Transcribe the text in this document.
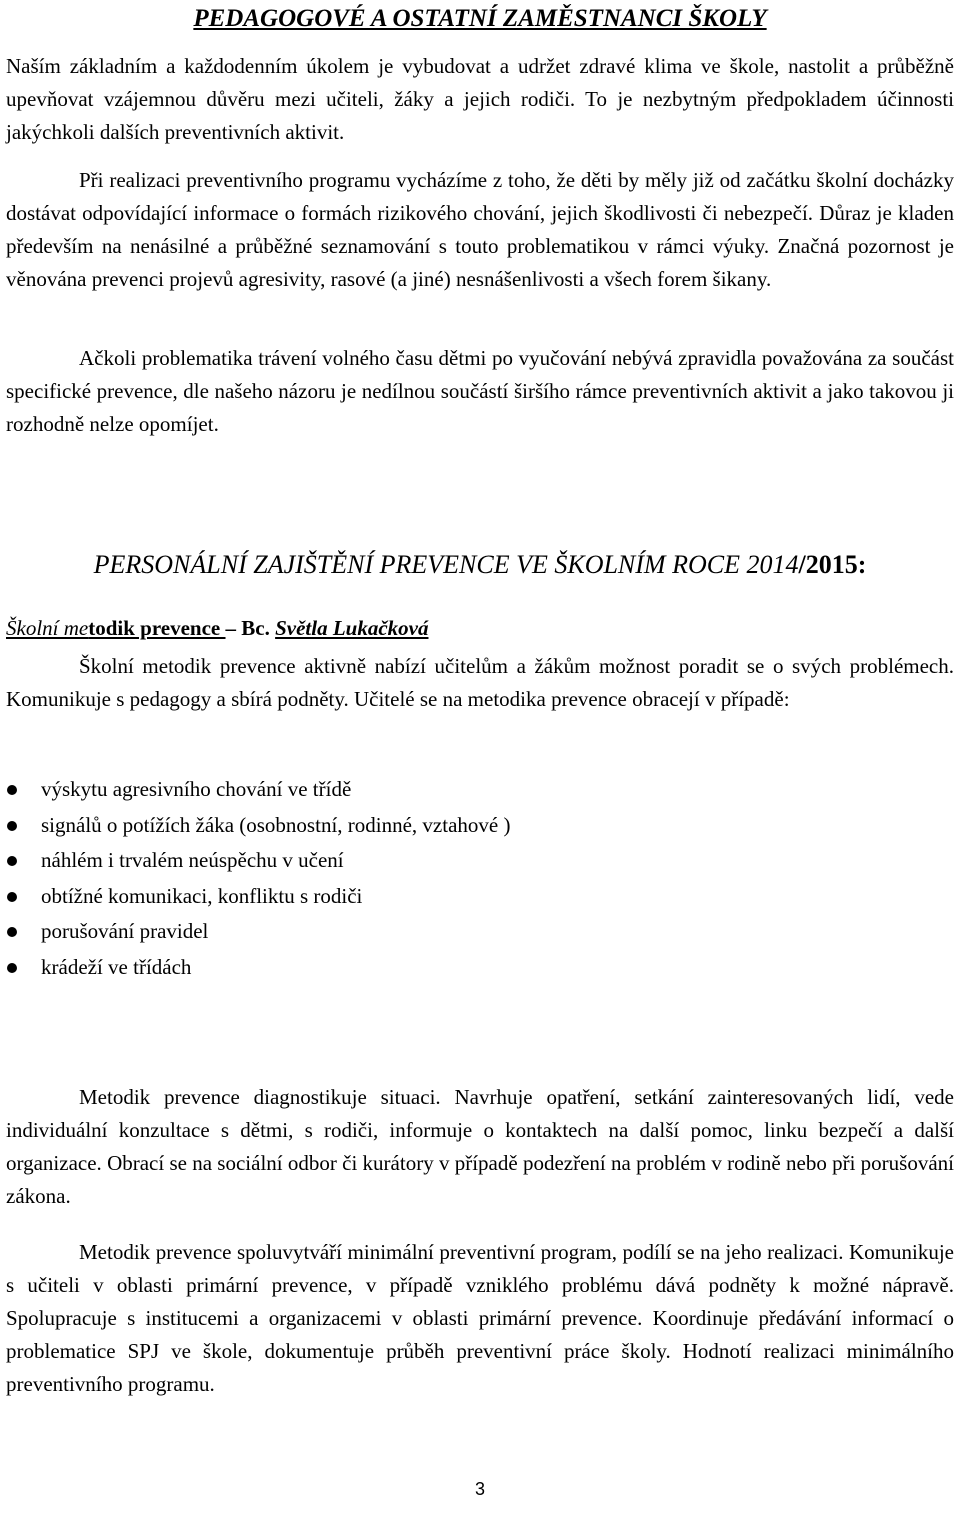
PEDAGOGOVÉ A OSTATNÍ ZAMĚSTNANCI ŠKOLY

Naším základním a každodenním úkolem je vybudovat a udržet zdravé klima ve škole, nastolit a průběžně upevňovat vzájemnou důvěru mezi učiteli, žáky a jejich rodiči. To je nezbytným předpokladem účinnosti jakýchkoli dalších preventivních aktivit.

Při realizaci preventivního programu vycházíme z toho, že děti by měly již od začátku školní docházky dostávat odpovídající informace o formách rizikového chování, jejich škodlivosti či nebezpečí. Důraz je kladen především na nenásilné a průběžné seznamování s touto problematikou v rámci výuky. Značná pozornost je věnována prevenci projevů agresivity, rasové (a jiné) nesnášenlivosti a všech forem šikany.

Ačkoli problematika trávení volného času dětmi po vyučování nebývá zpravidla považována za součást specifické prevence, dle našeho názoru je nedílnou součástí širšího rámce preventivních aktivit a jako takovou ji rozhodně nelze opomíjet.

PERSONÁLNÍ ZAJIŠTĚNÍ PREVENCE VE ŠKOLNÍM ROCE 2014/2015:
Školní metodik prevence – Bc. Světla Lukačková

Školní metodik prevence aktivně nabízí učitelům a žákům možnost poradit se o svých problémech. Komunikuje s pedagogy a sbírá podněty. Učitelé se na metodika prevence obracejí v případě:

výskytu agresivního chování ve třídě
signálů o potížích žáka (osobnostní, rodinné, vztahové )
náhlém i trvalém neúspěchu v učení
obtížné komunikaci, konfliktu s rodiči
porušování pravidel
krádeží ve třídách

Metodik prevence diagnostikuje situaci. Navrhuje opatření, setkání zainteresovaných lidí, vede individuální konzultace s dětmi, s rodiči, informuje o kontaktech na další pomoc, linku bezpečí a další organizace. Obrací se na sociální odbor či kurátory v případě podezření na problém v rodině nebo při porušování zákona.

Metodik prevence spoluvytváří minimální preventivní program, podílí se na jeho realizaci. Komunikuje s učiteli v oblasti primární prevence, v případě vzniklého problému dává podněty k možné nápravě. Spolupracuje s institucemi a organizacemi v oblasti primární prevence. Koordinuje předávání informací o problematice SPJ ve škole, dokumentuje průběh preventivní práce školy. Hodnotí realizaci minimálního preventivního programu.

3
